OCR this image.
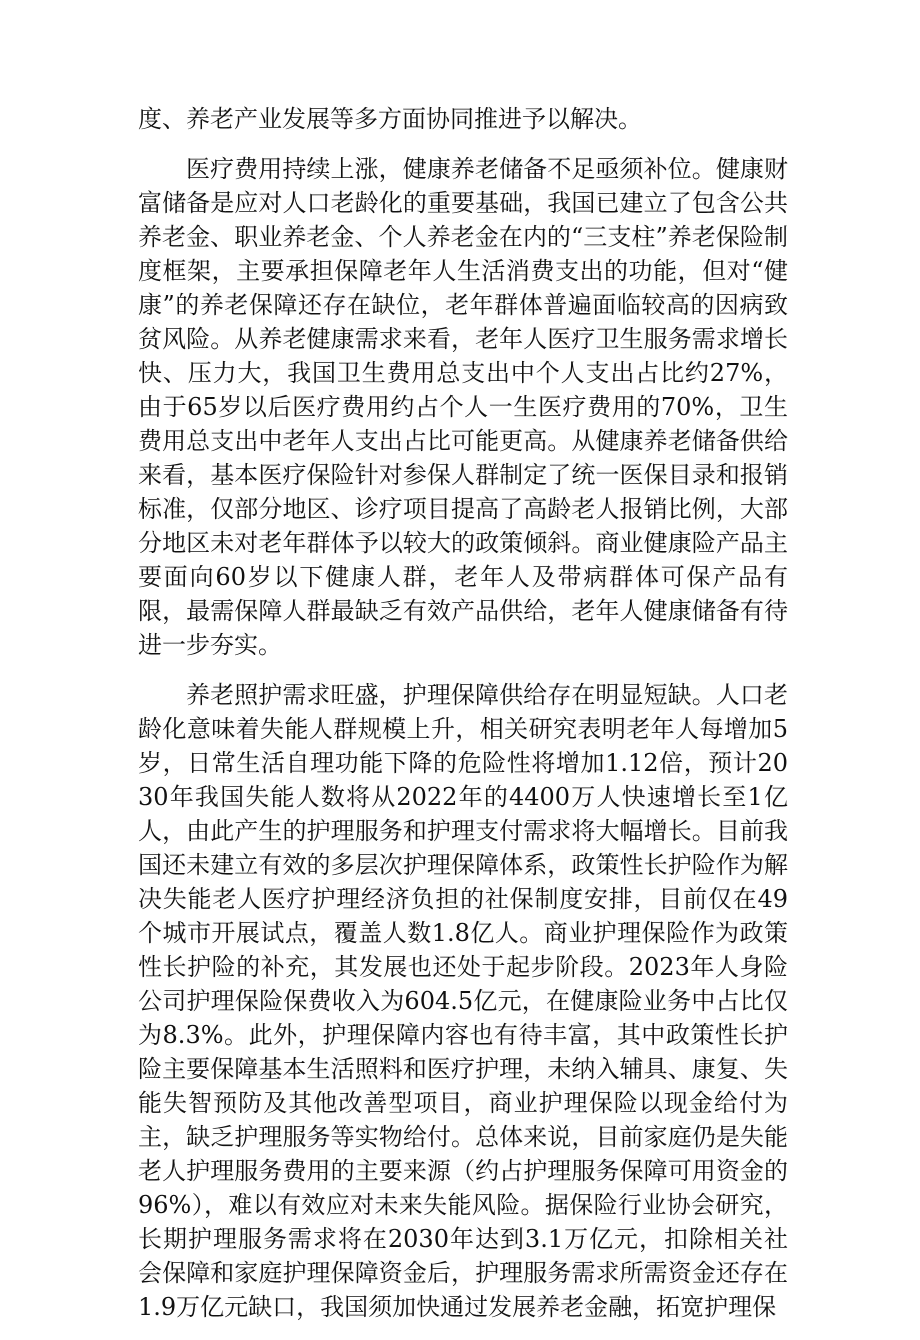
度、养老产业发展等多方面协同推进予以解决。

医疗费用持续上涨，健康养老储备不足亟须补位。健康财富储备是应对人口老龄化的重要基础，我国已建立了包含公共养老金、职业养老金、个人养老金在内的“三支柱”养老保险制度框架，主要承担保障老年人生活消费支出的功能，但对“健康”的养老保障还存在缺位，老年群体普遍面临较高的因病致贫风险。从养老健康需求来看，老年人医疗卫生服务需求增长快、压力大，我国卫生费用总支出中个人支出占比约27%，由于65岁以后医疗费用约占个人一生医疗费用的70%，卫生费用总支出中老年人支出占比可能更高。从健康养老储备供给来看，基本医疗保险针对参保人群制定了统一医保目录和报销标准，仅部分地区、诊疗项目提高了高龄老人报销比例，大部分地区未对老年群体予以较大的政策倾斜。商业健康险产品主要面向60岁以下健康人群，老年人及带病群体可保产品有限，最需保障人群最缺乏有效产品供给，老年人健康储备有待进一步夯实。

养老照护需求旺盛，护理保障供给存在明显短缺。人口老龄化意味着失能人群规模上升，相关研究表明老年人每增加5岁，日常生活自理功能下降的危险性将增加1.12倍，预计2030年我国失能人数将从2022年的4400万人快速增长至1亿人，由此产生的护理服务和护理支付需求将大幅增长。目前我国还未建立有效的多层次护理保障体系，政策性长护险作为解决失能老人医疗护理经济负担的社保制度安排，目前仅在49个城市开展试点，覆盖人数1.8亿人。商业护理保险作为政策性长护险的补充，其发展也还处于起步阶段。2023年人身险公司护理保险保费收入为604.5亿元，在健康险业务中占比仅为8.3%。此外，护理保障内容也有待丰富，其中政策性长护险主要保障基本生活照料和医疗护理，未纳入辅具、康复、失能失智预防及其他改善型项目，商业护理保险以现金给付为主，缺乏护理服务等实物给付。总体来说，目前家庭仍是失能老人护理服务费用的主要来源（约占护理服务保障可用资金的96%），难以有效应对未来失能风险。据保险行业协会研究，长期护理服务需求将在2030年达到3.1万亿元，扣除相关社会保障和家庭护理保障资金后，护理服务需求所需资金还存在1.9万亿元缺口，我国须加快通过发展养老金融，拓宽护理保
